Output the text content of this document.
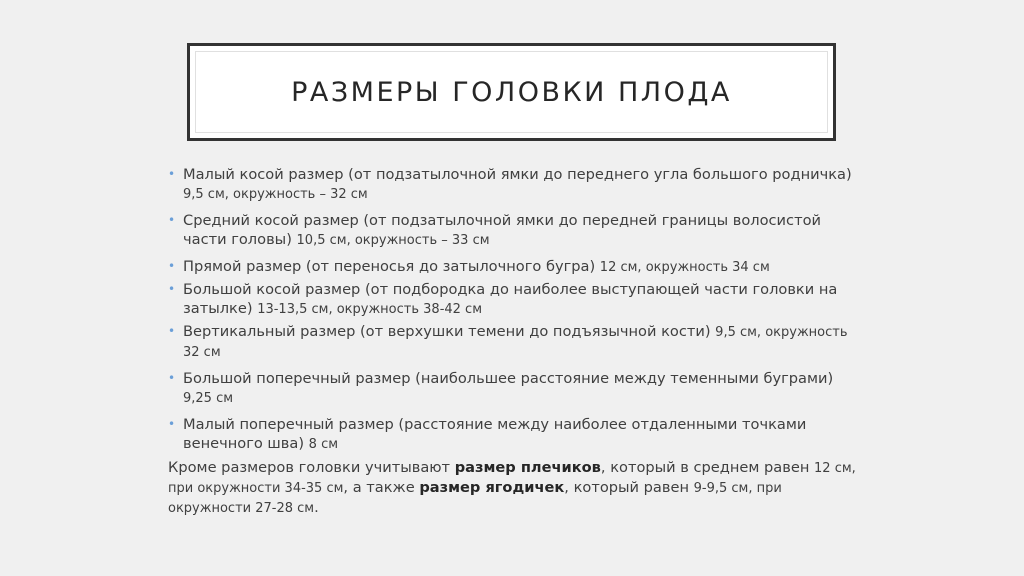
РАЗМЕРЫ ГОЛОВКИ ПЛОДА
• Малый косой размер (от подзатылочной ямки до переднего угла большого родничка) 9,5 см, окружность – 32 см
• Средний косой размер (от подзатылочной ямки до передней границы волосистой части головы) 10,5 см, окружность – 33 см
• Прямой размер (от переносья до затылочного бугра) 12 см, окружность 34 см
• Большой косой размер (от подбородка до наиболее выступающей части головки на затылке) 13-13,5 см, окружность 38-42 см
• Вертикальный размер (от верхушки темени до подъязычной кости) 9,5 см, окружность 32 см
• Большой поперечный размер (наибольшее расстояние между теменными буграми) 9,25 см
• Малый поперечный размер (расстояние между наиболее отдаленными точками венечного шва) 8 см

Кроме размеров головки учитывают размер плечиков, который в среднем равен 12 см, при окружности 34-35 см, а также размер ягодичек, который равен 9-9,5 см, при окружности 27-28 см.
